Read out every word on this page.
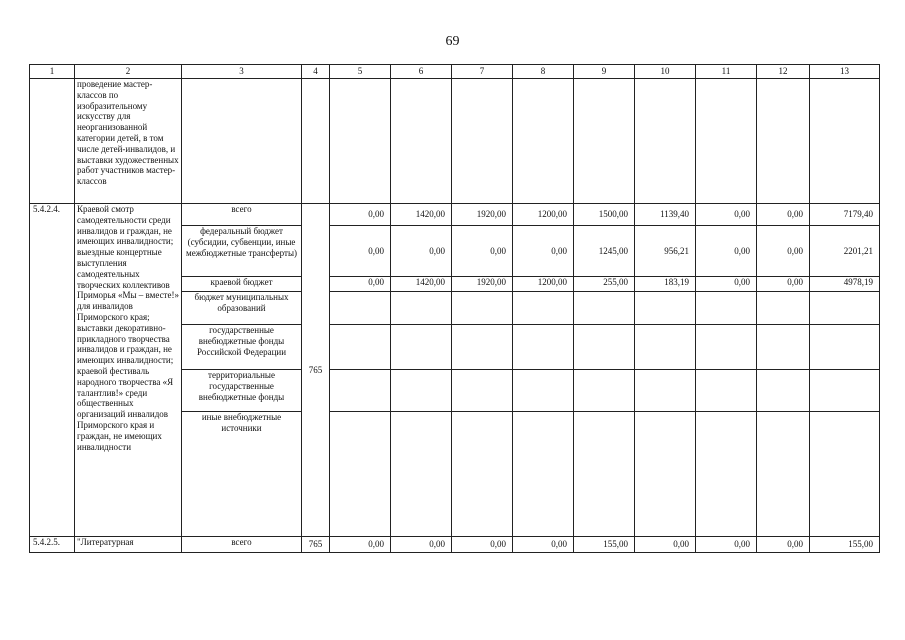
69
1	2	3	4	5	6	7	8	9	10	11	12	13
	проведение мастер-классов по изобразительному искусству для неорганизованной категории детей, в том числе детей-инвалидов, и выставки художественных работ участников мастер-классов											
5.4.2.4.	Краевой смотр самодеятельности среди инвалидов и граждан, не имеющих инвалидности; выездные концертные выступления самодеятельных творческих коллективов Приморья «Мы – вместе!» для инвалидов Приморского края; выставки декоративно-прикладного творчества инвалидов и граждан, не имеющих инвалидности; краевой фестиваль народного творчества «Я талантлив!» среди общественных организаций инвалидов Приморского края и граждан, не имеющих инвалидности	всего	765	0,00	1420,00	1920,00	1200,00	1500,00	1139,40	0,00	0,00	7179,40
		федеральный бюджет (субсидии, субвенции, иные межбюджетные трансферты)		0,00	0,00	0,00	0,00	1245,00	956,21	0,00	0,00	2201,21
		краевой бюджет		0,00	1420,00	1920,00	1200,00	255,00	183,19	0,00	0,00	4978,19
		бюджет муниципальных образований										
		государственные внебюджетные фонды Российской Федерации										
		территориальные государственные внебюджетные фонды										
		иные внебюджетные источники										
5.4.2.5.	"Литературная	всего	765	0,00	0,00	0,00	0,00	155,00	0,00	0,00	0,00	155,00
